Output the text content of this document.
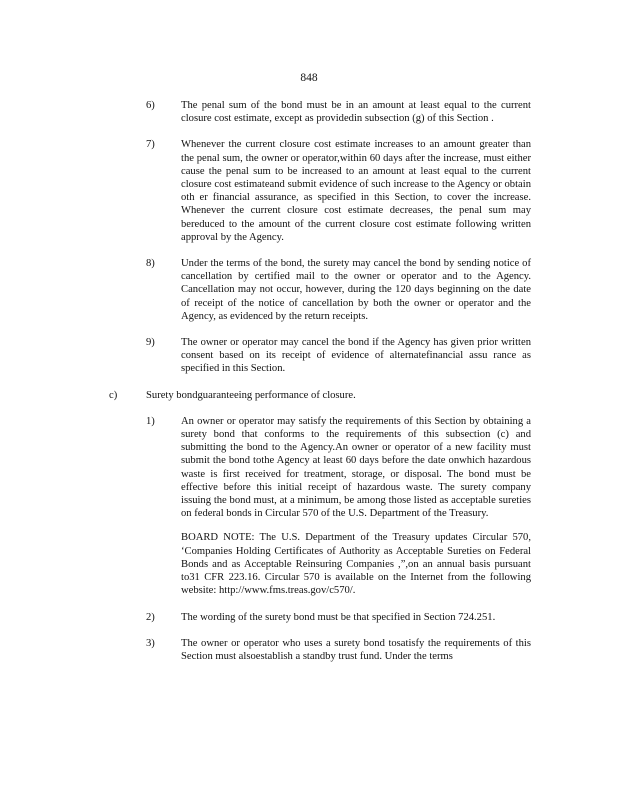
848
6) The penal sum of the bond must be in an amount at least equal to the current closure cost estimate, except as providedin subsection (g) of this Section .

7) Whenever the current closure cost estimate increases to an amount greater than the penal sum, the owner or operator,within 60 days after the increase, must either cause the penal sum to be increased to an amount at least equal to the current closure cost estimateand submit evidence of such increase to the Agency or obtain oth er financial assurance, as specified in this Section, to cover the increase. Whenever the current closure cost estimate decreases, the penal sum may bereduced to the amount of the current closure cost estimate following written approval by the Agency.

8) Under the terms of the bond, the surety may cancel the bond by sending notice of cancellation by certified mail to the owner or operator and to the Agency. Cancellation may not occur, however, during the 120 days beginning on the date of receipt of the notice of cancellation by both the owner or operator and the Agency, as evidenced by the return receipts.

9) The owner or operator may cancel the bond if the Agency has given prior written consent based on its receipt of evidence of alternatefinancial assu rance as specified in this Section.

c)	Surety bondguaranteeing performance of closure.

1) An owner or operator may satisfy the requirements of this Section by obtaining a surety bond that conforms to the requirements of this subsection (c) and submitting the bond to the Agency.An owner or operator of a new facility must submit the bond tothe Agency at least 60 days before the date onwhich hazardous waste is first received for treatment, storage, or disposal. The bond must be effective before this initial receipt of hazardous waste. The surety company issuing the bond must, at a minimum, be among those listed as acceptable sureties on federal bonds in Circular 570 of the U.S. Department of the Treasury.

BOARD NOTE: The U.S. Department of the Treasury updates Circular 570, ‘Companies Holding Certificates of Authority as Acceptable Sureties on Federal Bonds and as Acceptable Reinsuring Companies ,”,on an annual basis pursuant to31 CFR 223.16. Circular 570 is available on the Internet from the following website: http://www.fms.treas.gov/c570/.

2) The wording of the surety bond must be that specified in Section 724.251.

3) The owner or operator who uses a surety bond tosatisfy the requirements of this Section must alsoestablish a standby trust fund. Under the terms
